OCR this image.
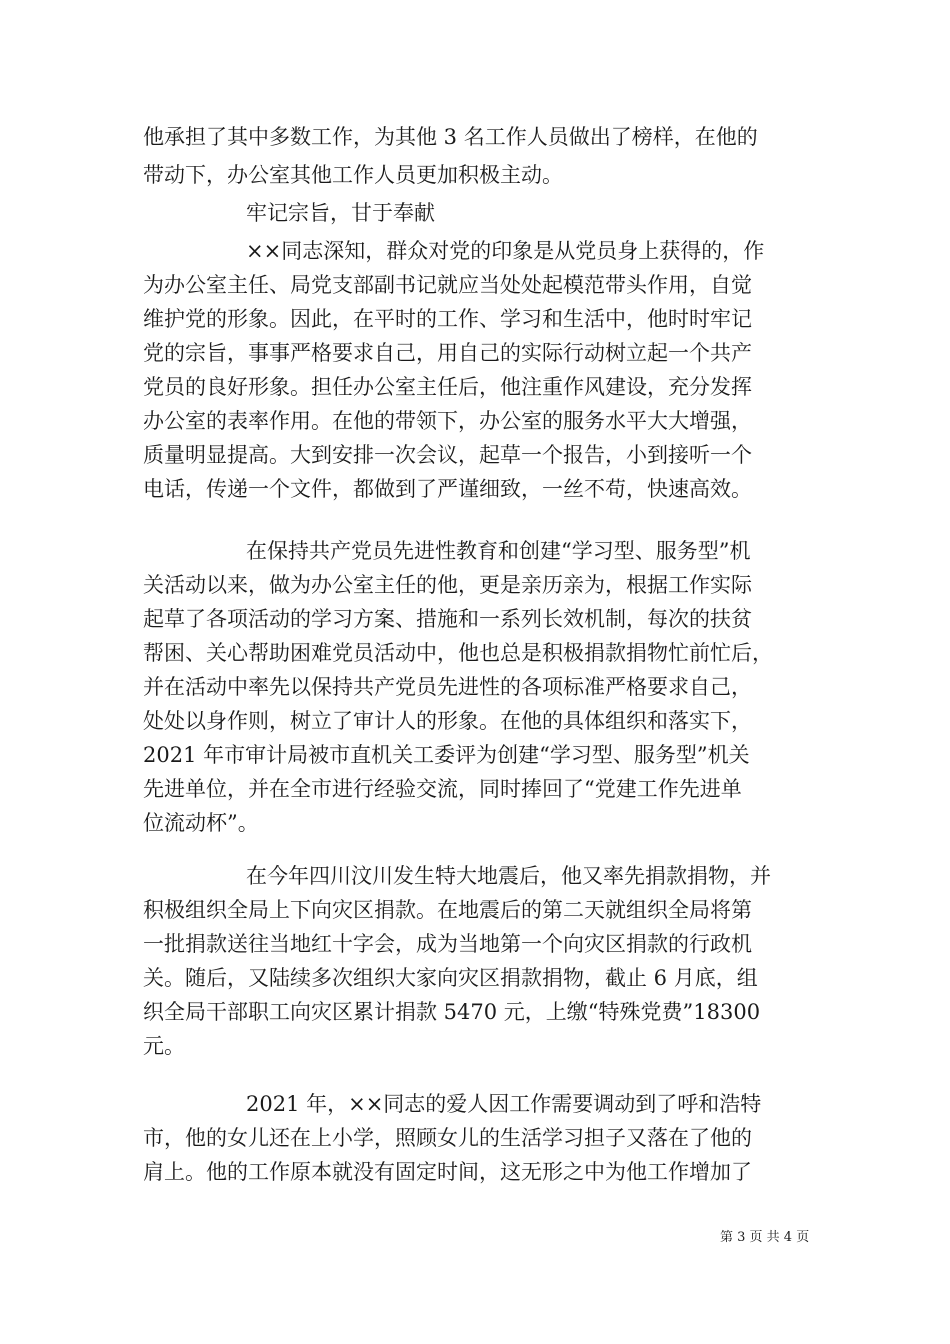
他承担了其中多数工作，为其他 3 名工作人员做出了榜样，在他的
带动下，办公室其他工作人员更加积极主动。
牢记宗旨，甘于奉献
××同志深知，群众对党的印象是从党员身上获得的，作
为办公室主任、局党支部副书记就应当处处起模范带头作用，自觉
维护党的形象。因此，在平时的工作、学习和生活中，他时时牢记
党的宗旨，事事严格要求自己，用自己的实际行动树立起一个共产
党员的良好形象。担任办公室主任后，他注重作风建设，充分发挥
办公室的表率作用。在他的带领下，办公室的服务水平大大增强，
质量明显提高。大到安排一次会议，起草一个报告，小到接听一个
电话，传递一个文件，都做到了严谨细致，一丝不苟，快速高效。
在保持共产党员先进性教育和创建“学习型、服务型”机
关活动以来，做为办公室主任的他，更是亲历亲为，根据工作实际
起草了各项活动的学习方案、措施和一系列长效机制，每次的扶贫
帮困、关心帮助困难党员活动中，他也总是积极捐款捐物忙前忙后，
并在活动中率先以保持共产党员先进性的各项标准严格要求自己，
处处以身作则，树立了审计人的形象。在他的具体组织和落实下，
2021 年市审计局被市直机关工委评为创建“学习型、服务型”机关
先进单位，并在全市进行经验交流，同时捧回了“党建工作先进单
位流动杯”。
在今年四川汶川发生特大地震后，他又率先捐款捐物，并
积极组织全局上下向灾区捐款。在地震后的第二天就组织全局将第
一批捐款送往当地红十字会，成为当地第一个向灾区捐款的行政机
关。随后，又陆续多次组织大家向灾区捐款捐物，截止 6 月底，组
织全局干部职工向灾区累计捐款 5470 元，上缴“特殊党费”18300
元。
2021 年，××同志的爱人因工作需要调动到了呼和浩特
市，他的女儿还在上小学，照顾女儿的生活学习担子又落在了他的
肩上。他的工作原本就没有固定时间，这无形之中为他工作增加了
第 3 页 共 4 页
